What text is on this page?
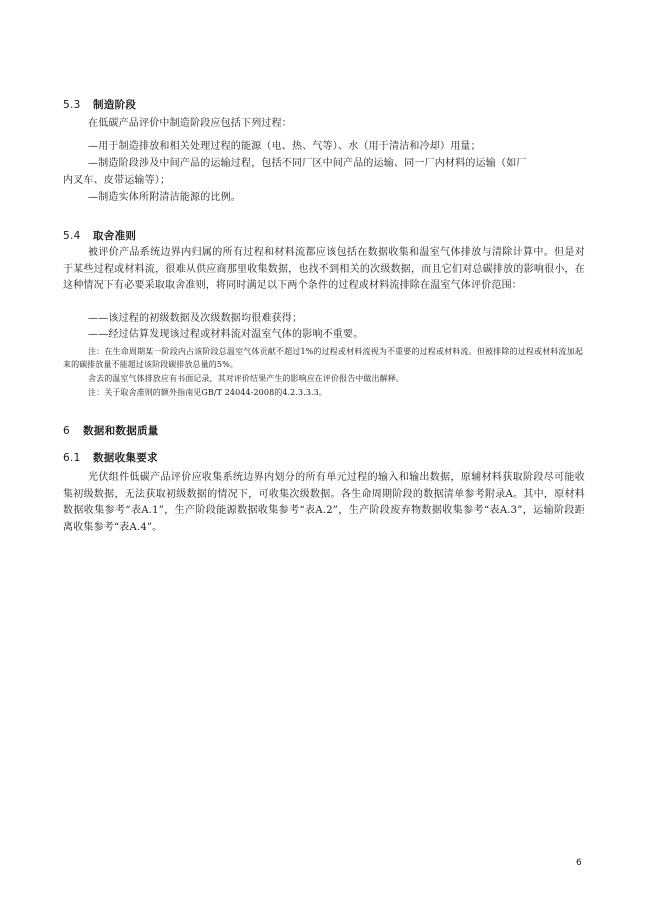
5.3 制造阶段
在低碳产品评价中制造阶段应包括下列过程：
—用于制造排放和相关处理过程的能源（电、热、气等）、水（用于清洁和冷却）用量；
—制造阶段涉及中间产品的运输过程，包括不同厂区中间产品的运输、同一厂内材料的运输（如厂
内叉车、皮带运输等）；
—制造实体所附清洁能源的比例。
5.4 取舍准则
被评价产品系统边界内归属的所有过程和材料流都应该包括在数据收集和温室气体排放与清除计算中。但是对于某些过程或材料流，很难从供应商那里收集数据，也找不到相关的次级数据，而且它们对总碳排放的影响很小，在这种情况下有必要采取取舍准则，将同时满足以下两个条件的过程或材料流排除在温室气体评价范围：
——该过程的初级数据及次级数据均很难获得；
——经过估算发现该过程或材料流对温室气体的影响不重要。
注：在生命周期某一阶段内占该阶段总温室气体贡献不超过1%的过程或材料流视为不重要的过程或材料流。但被排除的过程或材料流加起来的碳排放量不能超过该阶段碳排放总量的5%。
舍去的温室气体排放应有书面记录，其对评价结果产生的影响应在评价报告中做出解释。
注：关于取舍准则的额外指南见GB/T 24044-2008的4.2.3.3.3。
6 数据和数据质量
6.1 数据收集要求
光伏组件低碳产品评价应收集系统边界内划分的所有单元过程的输入和输出数据，原辅材料获取阶段尽可能收集初级数据，无法获取初级数据的情况下，可收集次级数据。各生命周期阶段的数据清单参考附录A。其中，原材料数据收集参考“表A.1”，生产阶段能源数据收集参考“表A.2”，生产阶段废弃物数据收集参考“表A.3”，运输阶段距离收集参考“表A.4”。
6
